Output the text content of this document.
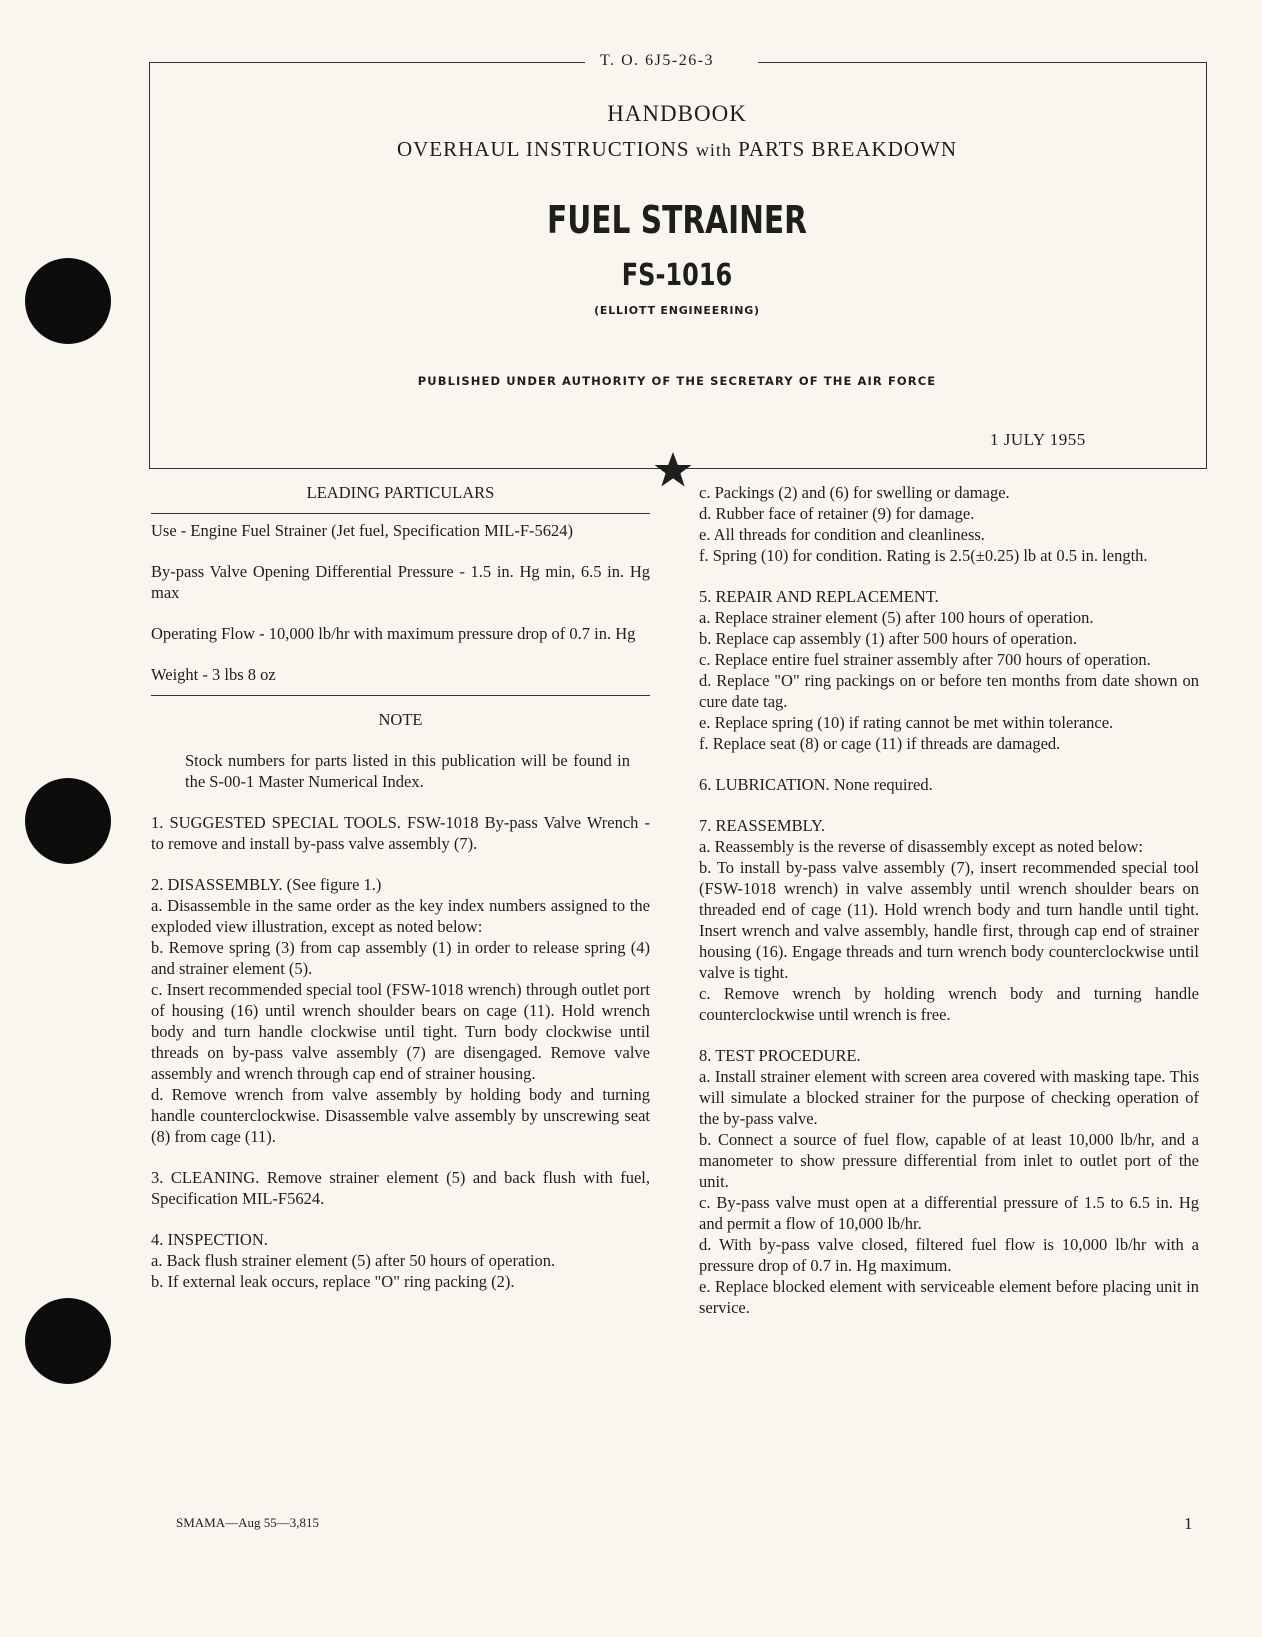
T. O. 6J5-26-3
HANDBOOK
OVERHAUL INSTRUCTIONS with PARTS BREAKDOWN
FUEL STRAINER
FS-1016
(ELLIOTT ENGINEERING)
PUBLISHED UNDER AUTHORITY OF THE SECRETARY OF THE AIR FORCE
1 JULY 1955

LEADING PARTICULARS

Use - Engine Fuel Strainer (Jet fuel, Specification MIL-F-5624)

By-pass Valve Opening Differential Pressure - 1.5 in. Hg min, 6.5 in. Hg max

Operating Flow - 10,000 lb/hr with maximum pressure drop of 0.7 in. Hg

Weight - 3 lbs 8 oz

NOTE

Stock numbers for parts listed in this publication will be found in the S-00-1 Master Numerical Index.

1. SUGGESTED SPECIAL TOOLS. FSW-1018 By-pass Valve Wrench - to remove and install by-pass valve assembly (7).

2. DISASSEMBLY. (See figure 1.)

a. Disassemble in the same order as the key index numbers assigned to the exploded view illustration, except as noted below:

b. Remove spring (3) from cap assembly (1) in order to release spring (4) and strainer element (5).

c. Insert recommended special tool (FSW-1018 wrench) through outlet port of housing (16) until wrench shoulder bears on cage (11). Hold wrench body and turn handle clockwise until tight. Turn body clockwise until threads on by-pass valve assembly (7) are disengaged. Remove valve assembly and wrench through cap end of strainer housing.

d. Remove wrench from valve assembly by holding body and turning handle counterclockwise. Disassemble valve assembly by unscrewing seat (8) from cage (11).

3. CLEANING. Remove strainer element (5) and back flush with fuel, Specification MIL-F5624.

4. INSPECTION.

a. Back flush strainer element (5) after 50 hours of operation.

b. If external leak occurs, replace "O" ring packing (2).

c. Packings (2) and (6) for swelling or damage.

d. Rubber face of retainer (9) for damage.

e. All threads for condition and cleanliness.

f. Spring (10) for condition. Rating is 2.5(±0.25) lb at 0.5 in. length.

5. REPAIR AND REPLACEMENT.

a. Replace strainer element (5) after 100 hours of operation.

b. Replace cap assembly (1) after 500 hours of operation.

c. Replace entire fuel strainer assembly after 700 hours of operation.

d. Replace "O" ring packings on or before ten months from date shown on cure date tag.

e. Replace spring (10) if rating cannot be met within tolerance.

f. Replace seat (8) or cage (11) if threads are damaged.

6. LUBRICATION. None required.

7. REASSEMBLY.

a. Reassembly is the reverse of disassembly except as noted below:

b. To install by-pass valve assembly (7), insert recommended special tool (FSW-1018 wrench) in valve assembly until wrench shoulder bears on threaded end of cage (11). Hold wrench body and turn handle until tight. Insert wrench and valve assembly, handle first, through cap end of strainer housing (16). Engage threads and turn wrench body counterclockwise until valve is tight.

c. Remove wrench by holding wrench body and turning handle counterclockwise until wrench is free.

8. TEST PROCEDURE.

a. Install strainer element with screen area covered with masking tape. This will simulate a blocked strainer for the purpose of checking operation of the by-pass valve.

b. Connect a source of fuel flow, capable of at least 10,000 lb/hr, and a manometer to show pressure differential from inlet to outlet port of the unit.

c. By-pass valve must open at a differential pressure of 1.5 to 6.5 in. Hg and permit a flow of 10,000 lb/hr.

d. With by-pass valve closed, filtered fuel flow is 10,000 lb/hr with a pressure drop of 0.7 in. Hg maximum.

e. Replace blocked element with serviceable element before placing unit in service.

SMAMA—Aug 55—3,815	1
